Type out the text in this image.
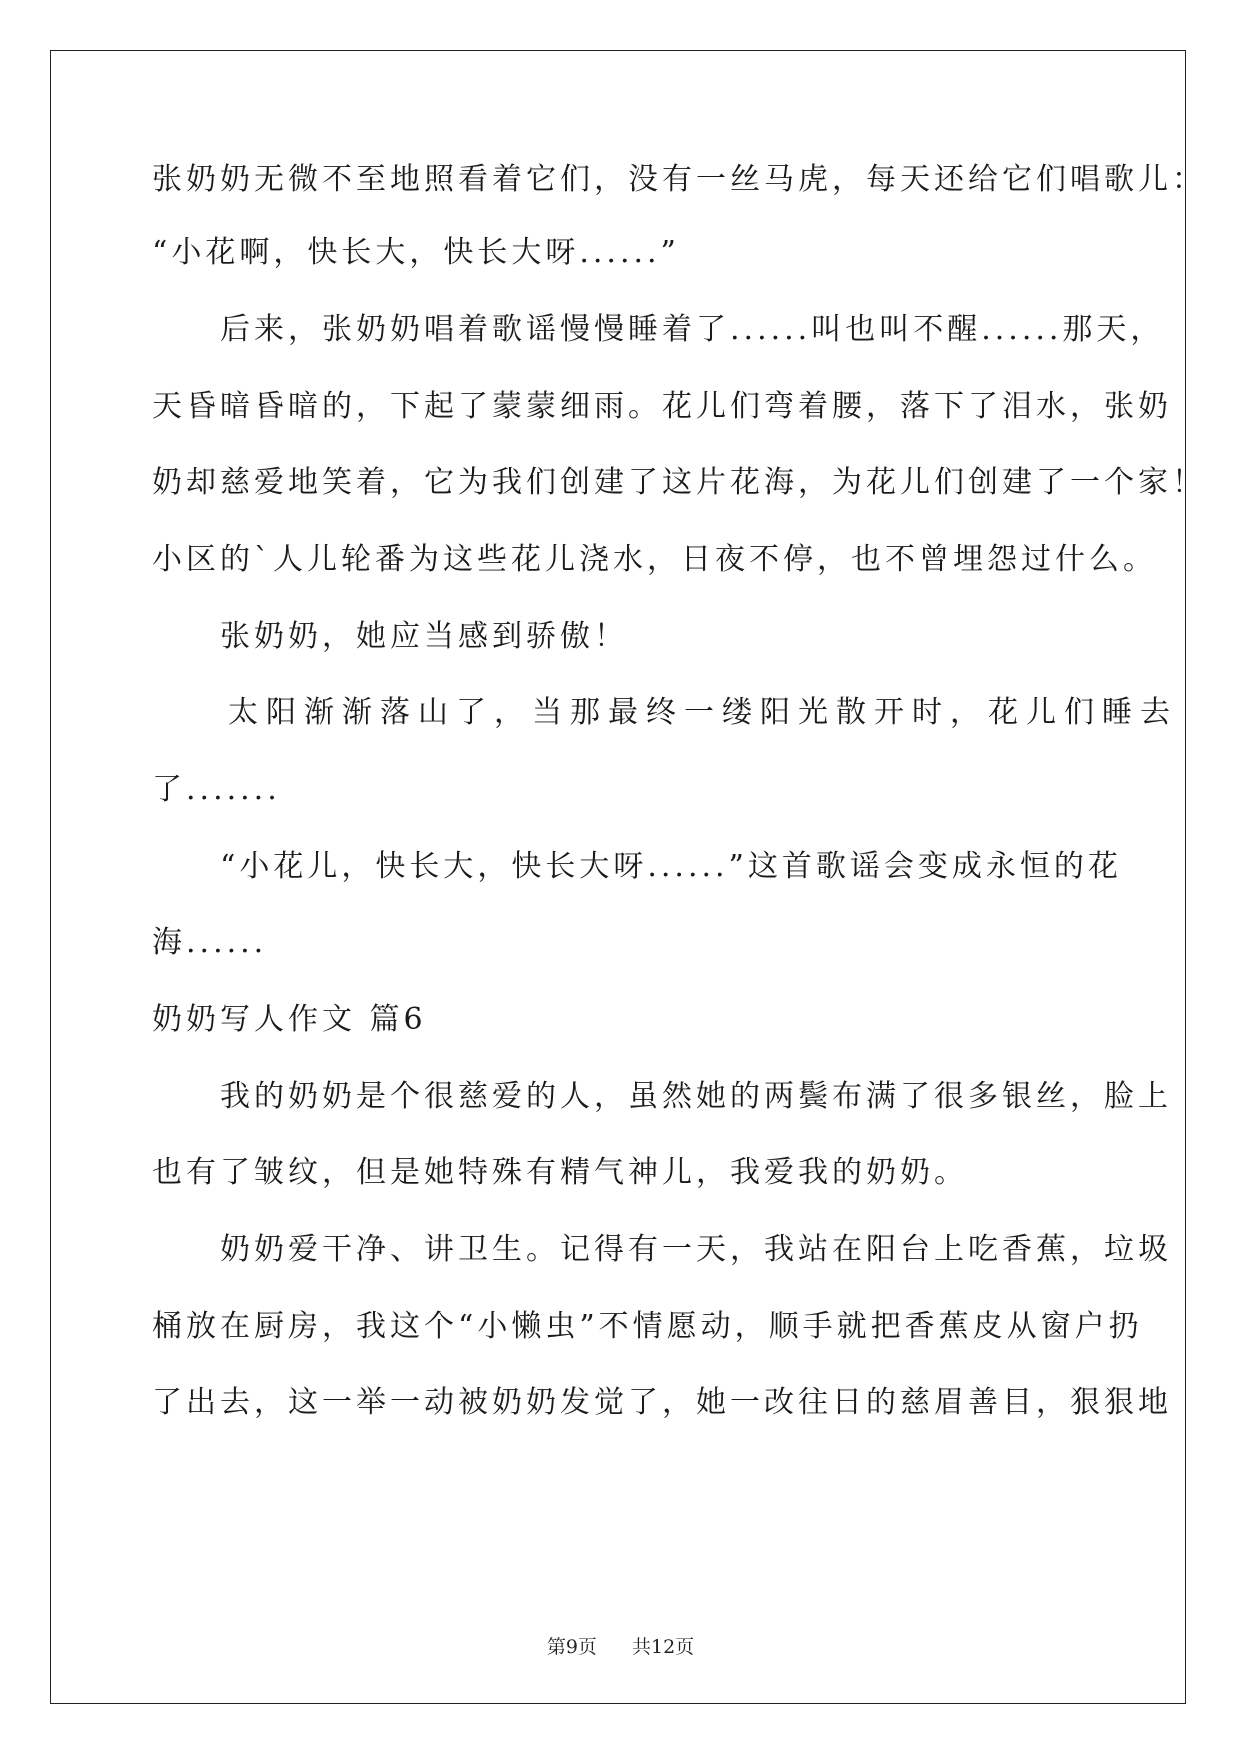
张奶奶无微不至地照看着它们，没有一丝马虎，每天还给它们唱歌儿：
“小花啊，快长大，快长大呀......”
　　后来，张奶奶唱着歌谣慢慢睡着了......叫也叫不醒......那天，
天昏暗昏暗的，下起了蒙蒙细雨。花儿们弯着腰，落下了泪水，张奶
奶却慈爱地笑着，它为我们创建了这片花海，为花儿们创建了一个家！
小区的`人儿轮番为这些花儿浇水，日夜不停，也不曾埋怨过什么。
　　张奶奶，她应当感到骄傲！
　　太阳渐渐落山了，当那最终一缕阳光散开时，花儿们睡去
了.......
　　“小花儿，快长大，快长大呀......”这首歌谣会变成永恒的花
海......
奶奶写人作文 篇6
　　我的奶奶是个很慈爱的人，虽然她的两鬓布满了很多银丝，脸上
也有了皱纹，但是她特殊有精气神儿，我爱我的奶奶。
　　奶奶爱干净、讲卫生。记得有一天，我站在阳台上吃香蕉，垃圾
桶放在厨房，我这个“小懒虫”不情愿动，顺手就把香蕉皮从窗户扔
了出去，这一举一动被奶奶发觉了，她一改往日的慈眉善目，狠狠地
第9页 　 共12页
